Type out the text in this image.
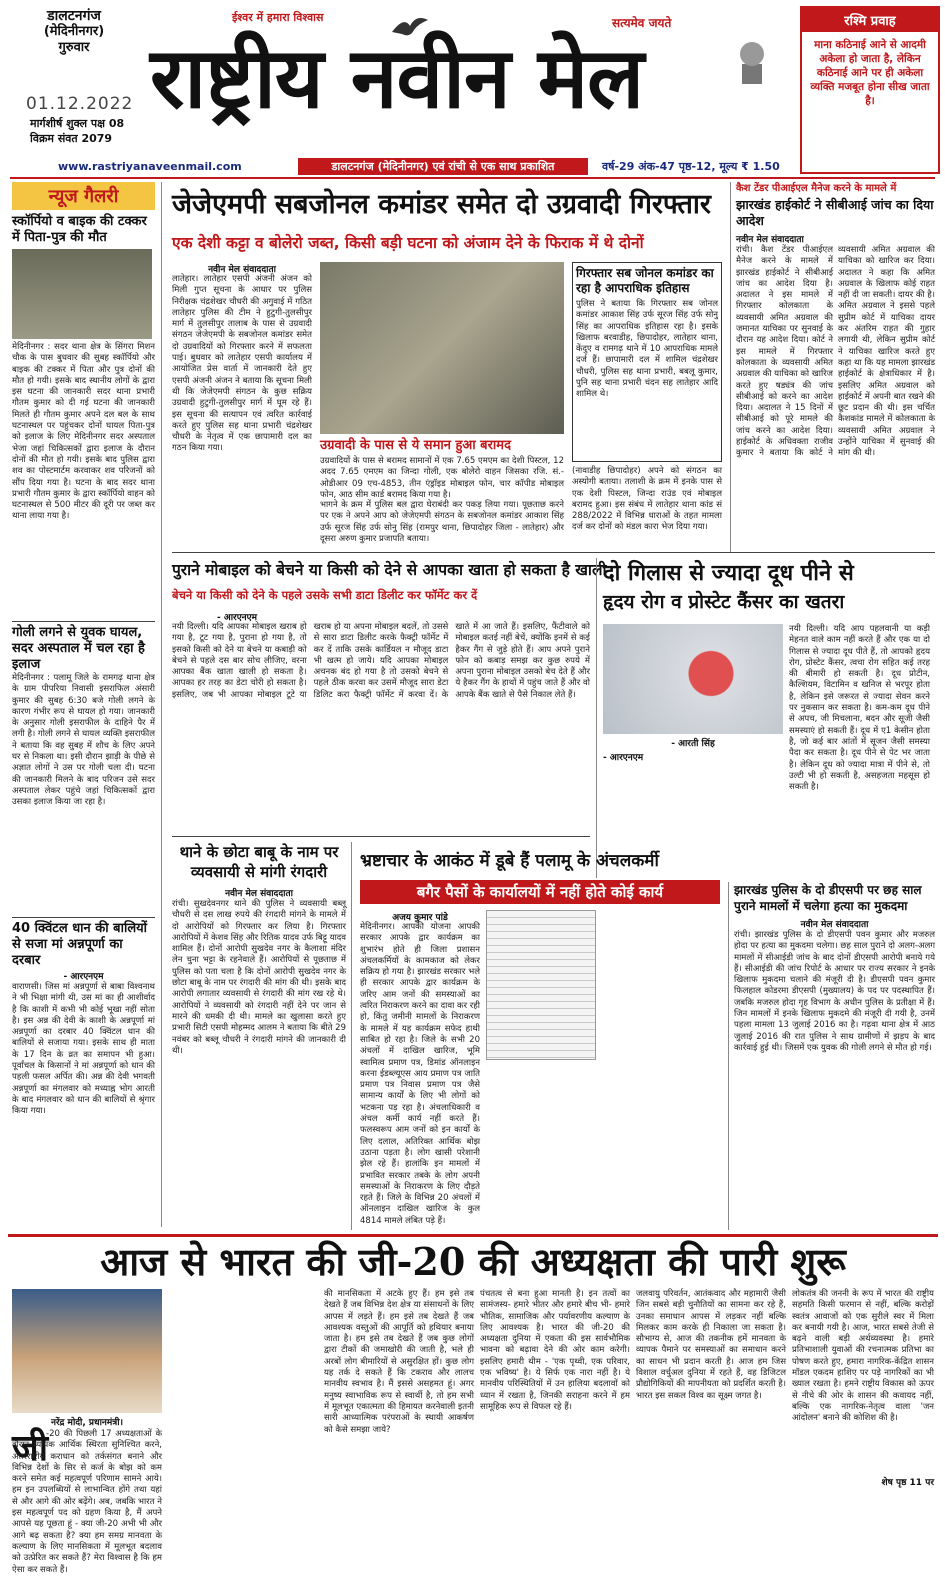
डालटनगंज
(मेदिनीनगर)
गुरुवार
01.12.2022
मार्गशीर्ष शुक्ल पक्ष 08
विक्रम संवत 2079
ईश्वर में हमारा विश्वास
राष्ट्रीय नवीन मेल
सत्यमेव जयते	रश्मि प्रवाह
माना कठिनाई आने से आदमी अकेला हो जाता है, लेकिन कठिनाई आने पर ही अकेला व्यक्ति मजबूत होना सीख जाता है।
www.rastriyanaveenmail.com	डालटनगंज (मेदिनीनगर) एवं रांची से एक साथ प्रकाशित	वर्ष-29 अंक-47 पृष्ठ-12, मूल्य ₹ 1.50
न्यूज गैलरी
स्कॉर्पियो व बाइक की टक्कर में पिता-पुत्र की मौत
मेदिनीनगर : सदर थाना क्षेत्र के सिंगरा मिशन चौक के पास बुधवार की सुबह स्कॉर्पियो और बाइक की टक्कर में पिता और पुत्र दोनों की मौत हो गयी। इसके बाद स्थानीय लोगों के द्वारा इस घटना की जानकारी सदर थाना प्रभारी गौतम कुमार को दी गई घटना की जानकारी मिलते ही गौतम कुमार अपने दल बल के साथ घटनास्थल पर पहुंचकर दोनों घायल पिता-पुत्र को इलाज के लिए मेदिनीनगर सदर अस्पताल भेजा जहां चिकित्सकों द्वारा इलाज के दौरान दोनों की मौत हो गयी। इसके बाद पुलिस द्वारा शव का पोस्टमार्टम करवाकर शव परिजनों को सौंप दिया गया है। घटना के बाद सदर थाना प्रभारी गौतम कुमार के द्वारा स्कॉर्पियो वाहन को घटनास्थल से 500 मीटर की दूरी पर जब्त कर थाना लाया गया है।
गोली लगने से युवक घायल, सदर अस्पताल में चल रहा है इलाज
मेदिनीनगर : पलामू जिले के रामगढ़ थाना क्षेत्र के ग्राम पीपरिया निवासी इसराफिल अंसारी कुमार की सुबह 6:30 बजे गोली लगने के कारण गंभीर रूप से घायल हो गया। जानकारी के अनुसार गोली इसराफील के दाहिने पैर में लगी है। गोली लगने से घायल व्यक्ति इसराफील ने बताया कि वह सुबह में शौच के लिए अपने घर से निकला था। इसी दौरान झाड़ी के पीछे से अज्ञात लोगों ने उस पर गोली चला दी। घटना की जानकारी मिलने के बाद परिजन उसे सदर अस्पताल लेकर पहुंचे जहां चिकित्सकों द्वारा उसका इलाज किया जा रहा है।
40 क्विंटल धान की बालियों से सजा मां अन्नपूर्णा का दरबार
- आरएनएम
वाराणसी। जिस मां अन्नपूर्णा से बाबा विश्वनाथ ने भी भिक्षा मांगी थी, उस मां का ही आशीर्वाद है कि काशी में कभी भी कोई भूखा नहीं सोता है। इस अन्न की देवी के काशी के अन्नपूर्णा मां अन्नपूर्णा का दरबार 40 क्विंटल धान की बालियों से सजाया गया। इसके साथ ही माता के 17 दिन के व्रत का समापन भी हुआ। पूर्वांचल के किसानों ने मां अन्नपूर्णा को धान की पहली फसल अर्पित की। अन्न की देवी भगवती अन्नपूर्णा का मंगलवार को मध्याह्न भोग आरती के बाद मंगलवार को धान की बालियों से श्रृंगार किया गया।
जेजेएमपी सबजोनल कमांडर समेत दो उग्रवादी गिरफ्तार
एक देशी कट्टा व बोलेरो जब्त, किसी बड़ी घटना को अंजाम देने के फिराक में थे दोनों
नवीन मेल संवाददाता
लातेहार। लातेहार एसपी अंजनी अंजन को मिली गुप्त सूचना के आधार पर पुलिस निरीक्षक चंद्रशेखर चौधरी की अगुवाई में गठित लातेहार पुलिस की टीम ने हुटुगी-तुलसीपुर मार्ग में तुलसीपुर तालाब के पास से उग्रवादी संगठन जेजेएमपी के सबजोनल कमांडर समेत दो उग्रवादियों को गिरफ्तार करने में सफलता पाई। बुधवार को लातेहार एसपी कार्यालय में आयोजित प्रेस वार्ता में जानकारी देते हुए एसपी अंजनी अंजन ने बताया कि सूचना मिली थी कि जेजेएमपी संगठन के कुछ सक्रिय उग्रवादी हुटुगी-तुलसीपुर मार्ग में घूम रहे हैं। इस सूचना की सत्यापन एवं त्वरित कार्रवाई करते हुए पुलिस सह थाना प्रभारी चंद्रशेखर चौधरी के नेतृत्व में एक छापामारी दल का गठन किया गया।	उग्रवादी के पास से ये समान हुआ बरामद
उग्रवादियों के पास से बरामद सामानों में एक 7.65 एमएम का देशी पिस्टल, 12 अदद 7.65 एमएम का जिन्दा गोली, एक बोलेरो वाहन जिसका रजि. सं.- ओडीआर 09 एच-4853, तीन एंड्रॉइड मोबाइल फोन, चार कॉपीड मोबाइल फोन, आठ सीम कार्ड बरामद किया गया है।
भागने के क्रम में पुलिस बल द्वारा घेराबंदी कर पकड़ लिया गया। पूछताछ करने पर एक ने अपने आप को जेजेएमपी संगठन के सबजोनल कमांडर आकाश सिंह उर्फ सूरज सिंह उर्फ सोनु सिंह (रामपुर थाना, छिपादोहर जिला - लातेहार) और दूसरा अरुण कुमार प्रजापति बताया।
गिरफ्तार सब जोनल कमांडर का रहा है आपराधिक इतिहास
पुलिस ने बताया कि गिरफ्तार सब जोनल कमांडर आकाश सिंह उर्फ सूरज सिंह उर्फ सोनु सिंह का आपराधिक इतिहास रहा है। इसके खिलाफ बरवाडीह, छिपादोहर, लातेहार थाना, केंदुए व रामगढ़ थाने में 10 आपराधिक मामले दर्ज हैं। छापामारी दल में शामिल चंद्रशेखर चौधरी, पुलिस सह थाना प्रभारी, बबलू कुमार, पुनि सह थाना प्रभारी चंदन सह लातेहार आदि शामिल थे।
(नावाडीह छिपादोहर) अपने को संगठन का अस्योगी बताया। तलाशी के क्रम में इनके पास से एक देशी पिस्टल, जिन्दा राउंड एवं मोबाइल बरामद हुआ। इस संबंध में लातेहार थाना कांड सं 288/2022 में विभिन्न धाराओं के तहत मामला दर्ज कर दोनों को मंडल कारा भेज दिया गया।
कैश टेंडर पीआईएल मैनेज करने के मामले में
झारखंड हाईकोर्ट ने सीबीआई जांच का दिया आदेश
नवीन मेल संवाददाता
रांची। कैश टेंडर पीआईएल मैनेज करने के मामले में झारखंड हाईकोर्ट ने सीबीआई जांच का आदेश दिया है। अदालत ने इस मामले में गिरफ्तार कोलकाता के व्यवसायी अमित अग्रवाल की जमानत याचिका पर सुनवाई के दौरान यह आदेश दिया। कोर्ट ने इस मामले में गिरफ्तार कोलकाता के व्यवसायी अमित अग्रवाल की याचिका को खारिज करते हुए षड्यंत्र की जांच सीबीआई को करने का आदेश दिया। अदालत ने 15 दिनों में सीबीआई को पूरे मामले की जांच करने का आदेश दिया। हाईकोर्ट के अधिवक्ता राजीव कुमार ने बताया कि कोर्ट ने व्यवसायी अमित अग्रवाल की याचिका को खारिज कर दिया। अदालत ने कहा कि अमित अग्रवाल के खिलाफ कोई राहत नहीं दी जा सकती। दायर की है। अमित अग्रवाल ने इससे पहले सुप्रीम कोर्ट में याचिका दायर कर अंतरिम राहत की गुहार लगायी थी, लेकिन सुप्रीम कोर्ट ने याचिका खारिज करते हुए कहा था कि यह मामला झारखंड हाईकोर्ट के क्षेत्राधिकार में है। इसलिए अमित अग्रवाल को हाईकोर्ट में अपनी बात रखने की छूट प्रदान की थी। इस चर्चित कैशकांड मामले में कोलकाता के व्यवसायी अमित अग्रवाल ने उन्होंने याचिका में सुनवाई की मांग की थी।
पुराने मोबाइल को बेचने या किसी को देने से आपका खाता हो सकता है खाली
बेचने या किसी को देने के पहले उसके सभी डाटा डिलीट कर फॉर्मेट कर दें
- आरएनएम
नयी दिल्ली। यदि आपका मोबाइल खराब हो गया है, टूट गया है, पुराना हो गया है, तो इसको किसी को देने या बेचने या कबाड़ी को बेचने से पहले दस बार सोच लीजिए, वरना आपका बैंक खाता खाली हो सकता है। आपका हर तरह का डेटा चोरी हो सकता है। इसलिए, जब भी आपका मोबाइल टूटे या खराब हो या अपना मोबाइल बदलें, तो उससे से सारा डाटा डिलीट करके फैक्ट्री फॉर्मेट में कर दें ताकि उसके कार्डियल न मौजूद डाटा भी खत्म हो जाये। यदि आपका मोबाइल अचनक बंद हो गया है तो उसको बेचने से पहले ठीक करवा कर उसमें मौजूद सारा डेटा डिलिट करा फैक्ट्री फॉर्मेट में करवा दें। के खाते में आ जाते हैं। इसलिए, फैंटीवाले को मोबाइल कतई नहीं बेचें, क्योंकि इनमें से कई हैकर गैंग से जुड़े होते हैं। आप अपने पुराने फोन को कबाड़ समझ कर कुछ रुपये में अपना पुराना मोबाइल उसको बेच देते हैं और ये हैकर गैंग के हाथों में पहुंच जाते हैं और वो आपके बैंक खाते से पैसे निकाल लेते हैं।
दो गिलास से ज्यादा दूध पीने से
हृदय रोग व प्रोस्टेट कैंसर का खतरा
- आरती सिंह
नयी दिल्ली। यदि आप पहलवानी या कड़ी मेहनत वाले काम नहीं करते हैं और एक या दो गिलास से ज्यादा दूध पीते हैं, तो आपको हृदय रोग, प्रोस्टेट कैंसर, त्वचा रोग सहित कई तरह की बीमारी हो सकती है। दूध प्रोटीन, कैल्शियम, विटामिन व खनिज से भरपूर होता है, लेकिन इसे जरूरत से ज्यादा सेवन करने पर नुकसान कर सकता है। कम-कम दूध पीने से अपच, जी मिचलाना, बदन और सूजी जैसी समस्याएं हो सकती हैं। दूध में ए1 केसीन होता है, जो कई बार आंतों में सूजन जैसी समस्या पैदा कर सकता है। दूध पीने से पेट भर जाता है। लेकिन दूध को ज्यादा मात्रा में पीने से, तो उल्टी भी हो सकती है, असहजता महसूस हो सकती है।
- आरएनएम
थाने के छोटा बाबू के नाम पर व्यवसायी से मांगी रंगदारी
नवीन मेल संवाददाता
रांची। सुखदेवनगर थाने की पुलिस ने व्यवसायी बब्लू चौधरी से दस लाख रुपये की रंगदारी मांगने के मामले में दो आरोपियों को गिरफ्तार कर लिया है। गिरफ्तार आरोपियों में केशव सिंह और रितिक यादव उर्फ बिट्टू यादव शामिल हैं। दोनों आरोपी सुखदेव नगर के कैलाशा मंदिर लेन चुना भट्टा के रहनेवाले हैं। आरोपियों से पूछताछ में पुलिस को पता चला है कि दोनों आरोपी सुखदेव नगर के छोटा बाबू के नाम पर रंगदारी की मांग की थी। इसके बाद आरोपी लगातार व्यवसायी से रंगदारी की मांग रख रहे थे। आरोपियों ने व्यवसायी को रंगदारी नहीं देने पर जान से मारने की धमकी दी थी। मामले का खुलासा करते हुए प्रभारी सिटी एसपी मोहम्मद आलम ने बताया कि बीते 29 नवंबर को बब्लू चौधरी ने रंगदारी मांगने की जानकारी दी थी।
भ्रष्टाचार के आकंठ में डूबे हैं पलामू के अंचलकर्मी
बगैर पैसों के कार्यालयों में नहीं होते कोई कार्य
अजय कुमार पांडे
मेदिनीनगर। आपकी योजना आपकी सरकार आपके द्वार कार्यक्रम का शुभारंभ होते ही जिला प्रशासन अंचलकर्मियों के कामकाज को लेकर सक्रिय हो गया है। झारखंड सरकार भले ही सरकार आपके द्वार कार्यक्रम के जरिए आम जनों की समस्याओं का त्वरित निराकरण करने का दावा कर रही हो, किंतु जमीनी मामलों के निराकरण के मामले में यह कार्यक्रम सफेद हाथी साबित हो रहा है। जिले के सभी 20 अंचलों में दाखिल खारिज, भूमि स्वामित्व प्रमाण पत्र, डिमांड ऑनलाइन करना ईडब्ल्यूएस आय प्रमाण पत्र जाति प्रमाण पत्र निवास प्रमाण पत्र जैसे सामान्य कार्यों के लिए भी लोगों को भटकना पड़ रहा है। अंचलाधिकारी व अंचल कर्मी कार्य नहीं करते हैं। फलस्वरूप आम जनों को इन कार्यों के लिए दलाल, अतिरिक्त आर्थिक बोझ उठाना पड़ता है। लोग खासी परेशानी झेल रहे हैं। हालांकि इन मामलों में प्रभावित सरकार तबके के लोग अपनी समस्याओं के निराकरण के लिए दौड़ते रहते हैं। जिले के विभिन्न 20 अंचलों में ऑनलाइन दाखिल खारिज के कुल 4814 मामले लंबित पड़े हैं।
झारखंड पुलिस के दो डीएसपी पर छह साल पुराने मामलों में चलेगा हत्या का मुकदमा
नवीन मेल संवाददाता
रांची। झारखंड पुलिस के दो डीएसपी पवन कुमार और मजरुल होदा पर हत्या का मुकदमा चलेगा। छह साल पुराने दो अलग-अलग मामलों में सीआईडी जांच के बाद दोनों डीएसपी आरोपी बनाये गये हैं। सीआईडी की जांच रिपोर्ट के आधार पर राज्य सरकार ने इनके खिलाफ मुकदमा चलाने की मंजूरी दी है। डीएसपी पवन कुमार फिलहाल कोडरमा डीएसपी (मुख्यालय) के पद पर पदस्थापित हैं। जबकि मजरुल होदा गृह विभाग के अधीन पुलिस के प्रतीक्षा में हैं। जिन मामलों में इनके खिलाफ मुकदमे की मंजूरी दी गयी है, उनमें पहला मामला 13 जुलाई 2016 का है। गढ़वा थाना क्षेत्र में आठ जुलाई 2016 की रात पुलिस ने साथ ग्रामीणों में झड़प के बाद कार्रवाई हुई थी। जिसमें एक युवक की गोली लगने से मौत हो गई।
आज से भारत की जी-20 की अध्यक्षता की पारी शुरू
नरेंद्र मोदी, प्रधानमंत्री।
जी
-20 की पिछली 17 अध्यक्षताओं के दौरान व्यापक आर्थिक स्थिरता सुनिश्चित करने, अंतरराष्ट्रीय कराधान को तर्कसंगत बनाने और विभिन्न देशों के सिर से कर्ज के बोझ को कम करने समेत कई महत्वपूर्ण परिणाम सामने आये। हम इन उपलब्धियों से लाभान्वित होंगे तथा यहां से और आगे की ओर बढ़ेंगे। अब, जबकि भारत ने इस महत्वपूर्ण पद को ग्रहण किया है, मैं अपने आपसे यह पूछता हूं - क्या जी-20 अभी भी और आगे बढ़ सकता है? क्या हम समग्र मानवता के कल्याण के लिए मानसिकता में मूलभूत बदलाव को उत्प्रेरित कर सकते हैं? मेरा विश्वास है कि हम ऐसा कर सकते हैं।
की मानसिकता में अटके हुए हैं। हम इसे तब देखते हैं जब विभिन्न देश क्षेत्र या संसाधनों के लिए आपस में लड़ते हैं। हम इसे तब देखते हैं जब आवश्यक वस्तुओं की आपूर्ति को हथियार बनाया जाता है। हम इसे तब देखते हैं जब कुछ लोगों द्वारा टीकों की जमाखोरी की जाती है, भले ही अरबों लोग बीमारियों से असुरक्षित हों। कुछ लोग यह तर्क दे सकते हैं कि टकराव और लालच मानवीय स्वभाव है। मैं इससे असहमत हूं। अगर मनुष्य स्वाभाविक रूप से स्वार्थी है, तो हम सभी में मूलभूत एकात्मता की हिमायत करनेवाली इतनी सारी आध्यात्मिक परंपराओं के स्थायी आकर्षण को कैसे समझा जाये?
पंचतत्व से बना हुआ मानती है। इन तत्वों का सामंजस्य- हमारे भीतर और हमारे बीच भी- हमारे भौतिक, सामाजिक और पर्यावरणीय कल्याण के लिए आवश्यक है। भारत की जी-20 की अध्यक्षता दुनिया में एकता की इस सार्वभौमिक भावना को बढ़ावा देने की ओर काम करेगी। इसलिए हमारी थीम - 'एक पृथ्वी, एक परिवार, एक भविष्य' है। ये सिर्फ एक नारा नहीं है। ये मानवीय परिस्थितियों में उन हालिया बदलावों को ध्यान में रखता है, जिनकी सराहना करने में हम सामूहिक रूप से विफल रहे हैं।
जलवायु परिवर्तन, आतंकवाद और महामारी जैसी जिन सबसे बड़ी चुनौतियों का सामना कर रहे हैं, उनका समाधान आपस में लड़कर नहीं बल्कि मिलकर काम करके ही निकाला जा सकता है। सौभाग्य से, आज की तकनीक हमें मानवता के व्यापक पैमाने पर समस्याओं का समाधान करने का साधन भी प्रदान करती है। आज हम जिस विशाल वर्चुअल दुनिया में रहते हैं, वह डिजिटल प्रौद्योगिकियों की मापनीयता को प्रदर्शित करती है। भारत इस सकल विश्व का सूक्ष्म जगत है।
लोकतंत्र की जननी के रूप में भारत की राष्ट्रीय सहमति किसी फरमान से नहीं, बल्कि करोड़ों स्वतंत्र आवाजों को एक सुरीले स्वर में मिला कर बनायी गयी है। आज, भारत सबसे तेजी से बढ़ने वाली बड़ी अर्थव्यवस्था है। हमारे प्रतिभाशाली युवाओं की रचनात्मक प्रतिभा का पोषण करते हुए, हमारा नागरिक-केंद्रित शासन मॉडल एकदम हाशिए पर पड़े नागरिकों का भी ख्याल रखता है। हमने राष्ट्रीय विकास को ऊपर से नीचे की ओर के शासन की कवायद नहीं, बल्कि एक नागरिक-नेतृत्व वाला 'जन आंदोलन' बनाने की कोशिश की है।
शेष पृष्ठ 11 पर
